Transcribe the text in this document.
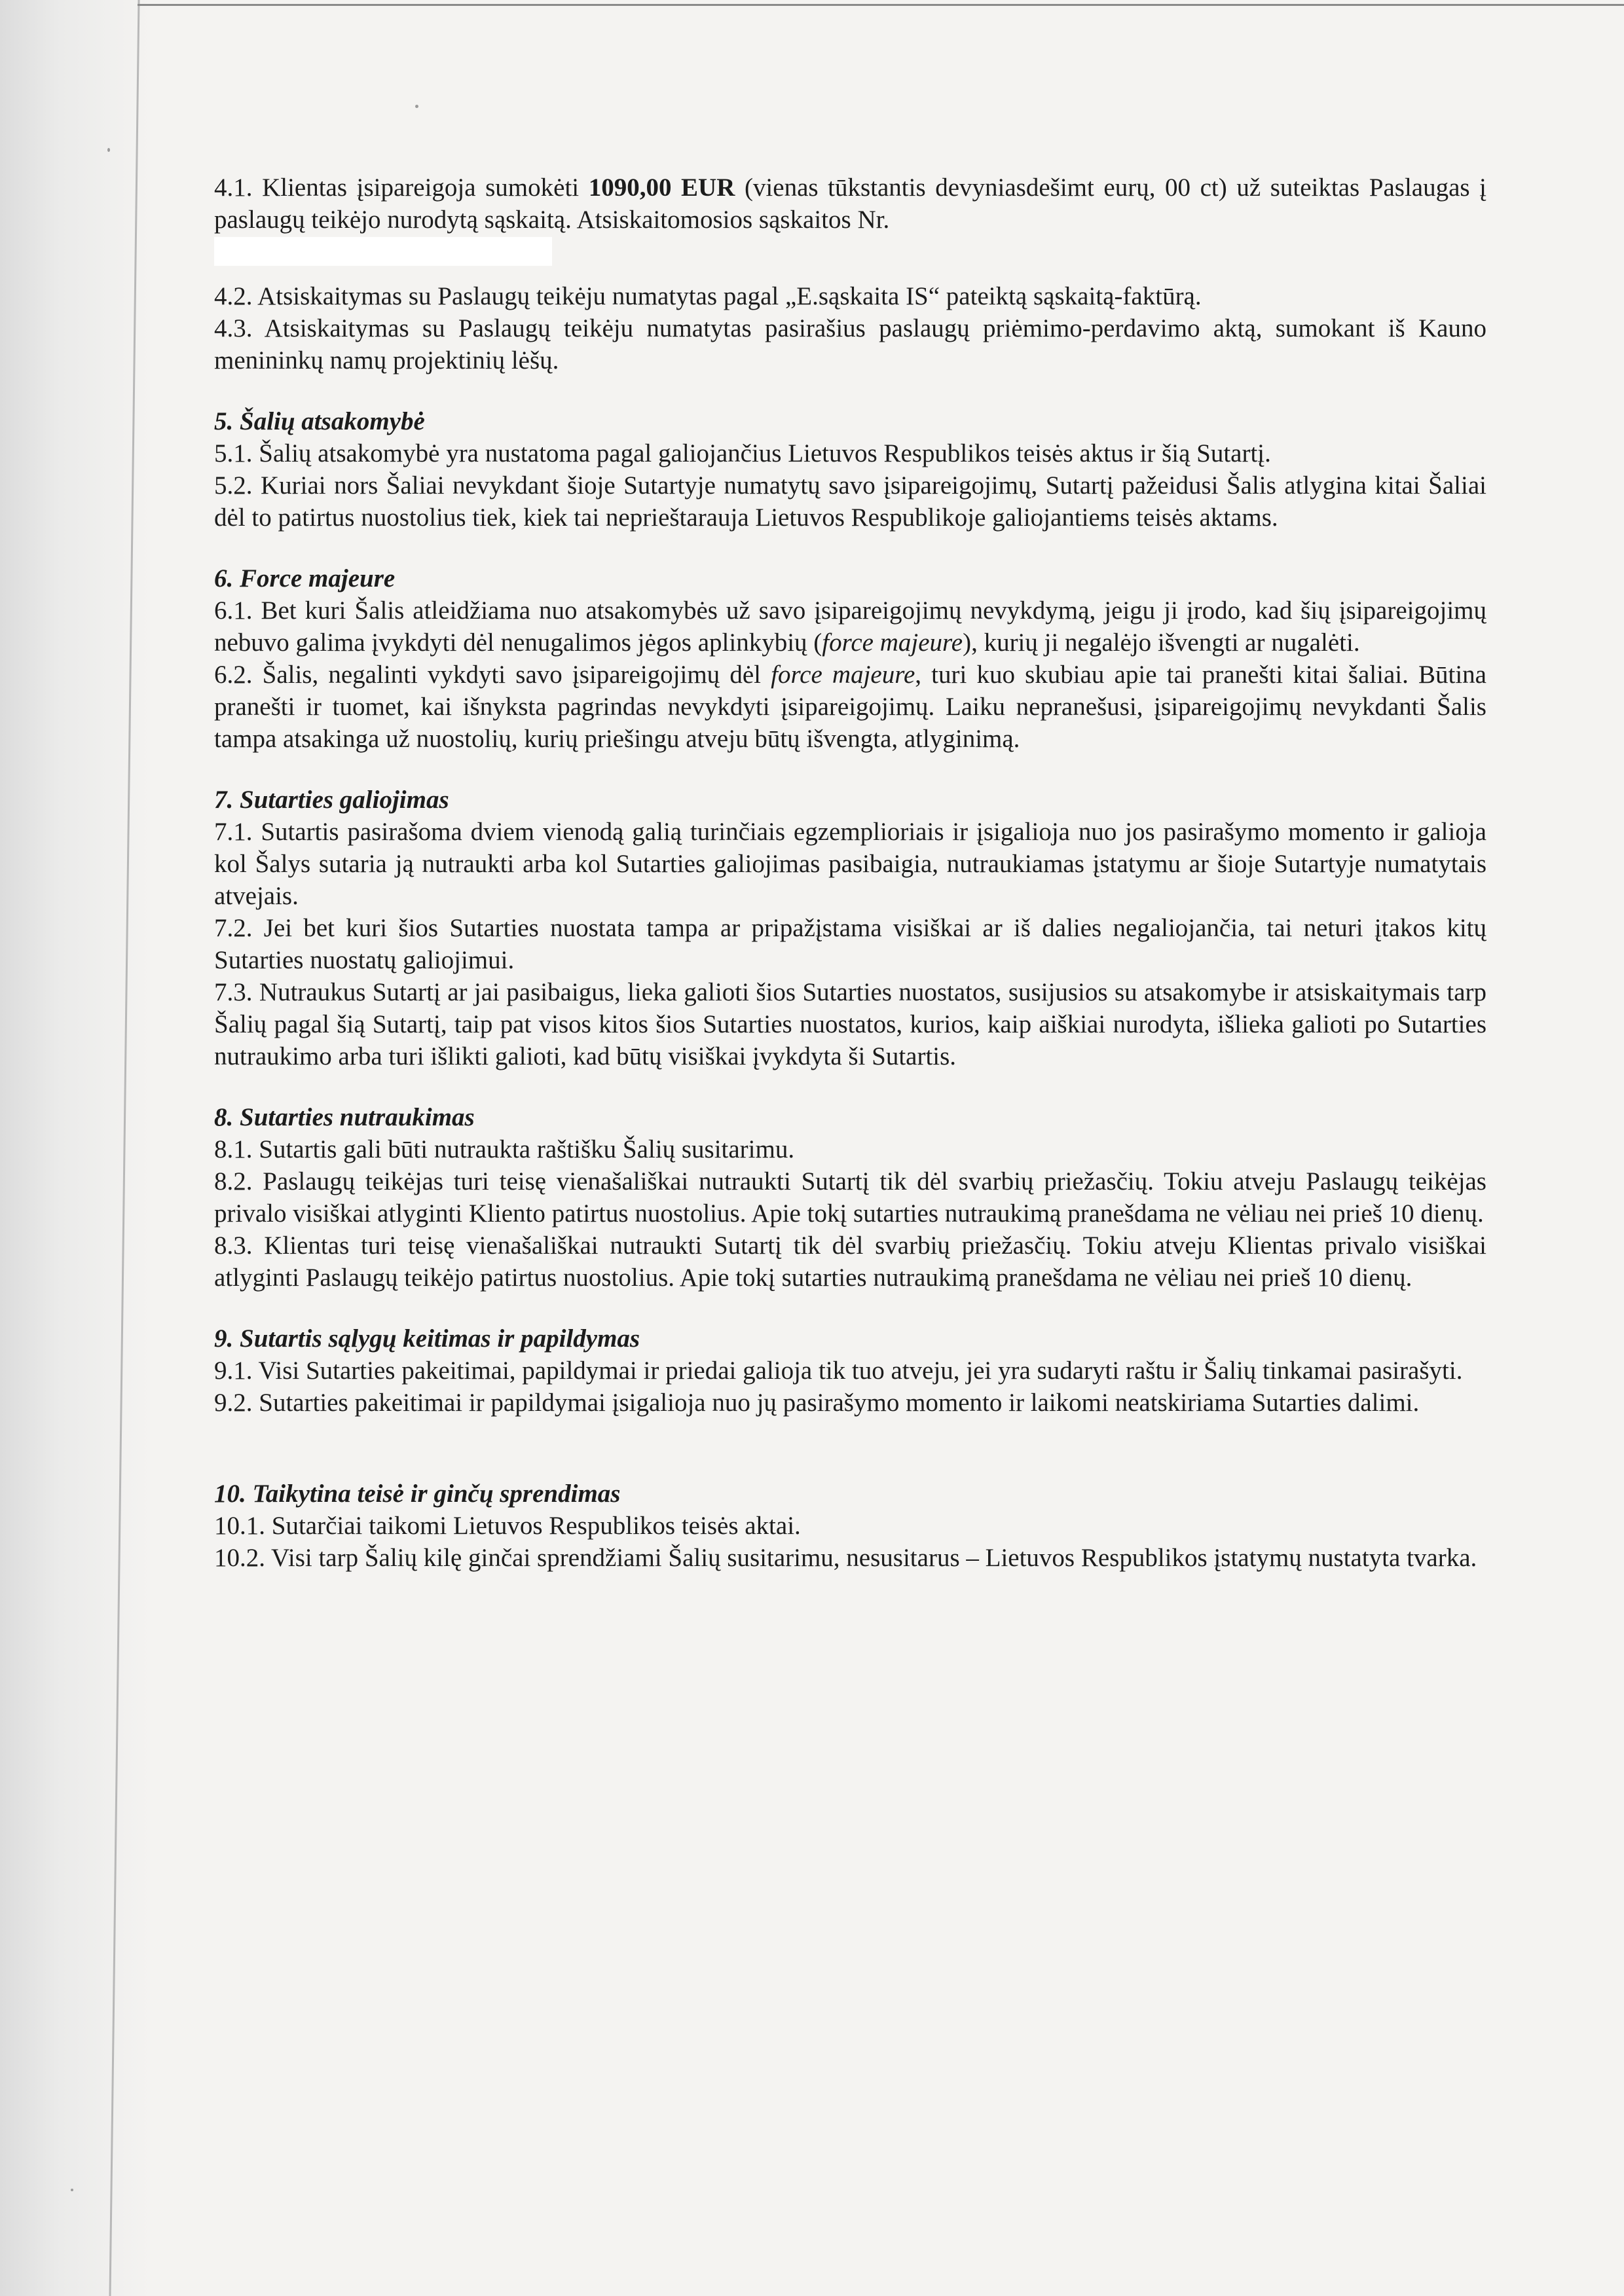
4.1. Klientas įsipareigoja sumokėti 1090,00 EUR (vienas tūkstantis devyniasdešimt eurų, 00 ct) už suteiktas Paslaugas į paslaugų teikėjo nurodytą sąskaitą. Atsiskaitomosios sąskaitos Nr.

4.2. Atsiskaitymas su Paslaugų teikėju numatytas pagal „E.sąskaita IS“ pateiktą sąskaitą-faktūrą.

4.3. Atsiskaitymas su Paslaugų teikėju numatytas pasirašius paslaugų priėmimo-perdavimo aktą, sumokant iš Kauno menininkų namų projektinių lėšų.

5. Šalių atsakomybė

5.1. Šalių atsakomybė yra nustatoma pagal galiojančius Lietuvos Respublikos teisės aktus ir šią Sutartį.

5.2. Kuriai nors Šaliai nevykdant šioje Sutartyje numatytų savo įsipareigojimų, Sutartį pažeidusi Šalis atlygina kitai Šaliai dėl to patirtus nuostolius tiek, kiek tai neprieštarauja Lietuvos Respublikoje galiojantiems teisės aktams.

6. Force majeure

6.1. Bet kuri Šalis atleidžiama nuo atsakomybės už savo įsipareigojimų nevykdymą, jeigu ji įrodo, kad šių įsipareigojimų nebuvo galima įvykdyti dėl nenugalimos jėgos aplinkybių (force majeure), kurių ji negalėjo išvengti ar nugalėti.

6.2. Šalis, negalinti vykdyti savo įsipareigojimų dėl force majeure, turi kuo skubiau apie tai pranešti kitai šaliai. Būtina pranešti ir tuomet, kai išnyksta pagrindas nevykdyti įsipareigojimų. Laiku nepranešusi, įsipareigojimų nevykdanti Šalis tampa atsakinga už nuostolių, kurių priešingu atveju būtų išvengta, atlyginimą.

7. Sutarties galiojimas

7.1. Sutartis pasirašoma dviem vienodą galią turinčiais egzemplioriais ir įsigalioja nuo jos pasirašymo momento ir galioja kol Šalys sutaria ją nutraukti arba kol Sutarties galiojimas pasibaigia, nutraukiamas įstatymu ar šioje Sutartyje numatytais atvejais.

7.2. Jei bet kuri šios Sutarties nuostata tampa ar pripažįstama visiškai ar iš dalies negaliojančia, tai neturi įtakos kitų Sutarties nuostatų galiojimui.

7.3. Nutraukus Sutartį ar jai pasibaigus, lieka galioti šios Sutarties nuostatos, susijusios su atsakomybe ir atsiskaitymais tarp Šalių pagal šią Sutartį, taip pat visos kitos šios Sutarties nuostatos, kurios, kaip aiškiai nurodyta, išlieka galioti po Sutarties nutraukimo arba turi išlikti galioti, kad būtų visiškai įvykdyta ši Sutartis.

8. Sutarties nutraukimas

8.1. Sutartis gali būti nutraukta raštišku Šalių susitarimu.

8.2. Paslaugų teikėjas turi teisę vienašališkai nutraukti Sutartį tik dėl svarbių priežasčių. Tokiu atveju Paslaugų teikėjas privalo visiškai atlyginti Kliento patirtus nuostolius. Apie tokį sutarties nutraukimą pranešdama ne vėliau nei prieš 10 dienų.

8.3. Klientas turi teisę vienašališkai nutraukti Sutartį tik dėl svarbių priežasčių. Tokiu atveju Klientas privalo visiškai atlyginti Paslaugų teikėjo patirtus nuostolius. Apie tokį sutarties nutraukimą pranešdama ne vėliau nei prieš 10 dienų.

9. Sutartis sąlygų keitimas ir papildymas

9.1. Visi Sutarties pakeitimai, papildymai ir priedai galioja tik tuo atveju, jei yra sudaryti raštu ir Šalių tinkamai pasirašyti.

9.2. Sutarties pakeitimai ir papildymai įsigalioja nuo jų pasirašymo momento ir laikomi neatskiriama Sutarties dalimi.

10. Taikytina teisė ir ginčų sprendimas

10.1. Sutarčiai taikomi Lietuvos Respublikos teisės aktai.

10.2. Visi tarp Šalių kilę ginčai sprendžiami Šalių susitarimu, nesusitarus – Lietuvos Respublikos įstatymų nustatyta tvarka.
